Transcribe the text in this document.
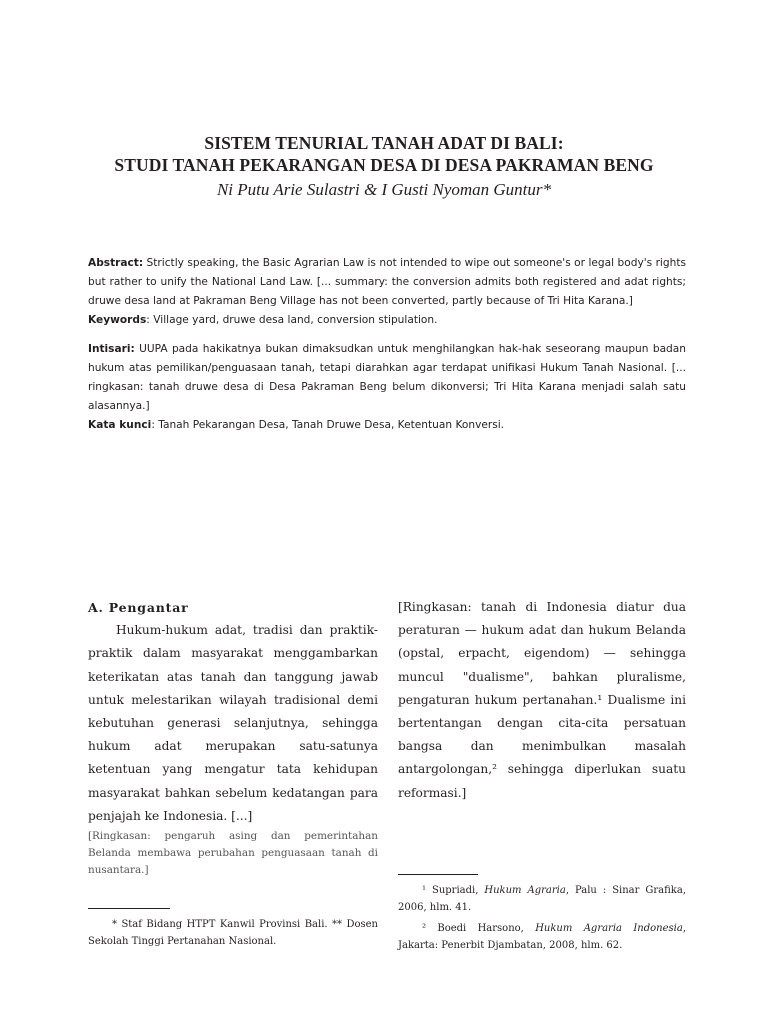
SISTEM TENURIAL TANAH ADAT DI BALI:

STUDI TANAH PEKARANGAN DESA DI DESA PAKRAMAN BENG

Ni Putu Arie Sulastri & I Gusti Nyoman Guntur*

Abstract: Strictly speaking, the Basic Agrarian Law is not intended to wipe out someone's or legal body's rights but rather to unify the National Land Law. [... summary: the conversion admits both registered and adat rights; druwe desa land at Pakraman Beng Village has not been converted, partly because of Tri Hita Karana.]

Keywords: Village yard, druwe desa land, conversion stipulation.

Intisari: UUPA pada hakikatnya bukan dimaksudkan untuk menghilangkan hak-hak seseorang maupun badan hukum atas pemilikan/penguasaan tanah, tetapi diarahkan agar terdapat unifikasi Hukum Tanah Nasional. [... ringkasan: tanah druwe desa di Desa Pakraman Beng belum dikonversi; Tri Hita Karana menjadi salah satu alasannya.]

Kata kunci: Tanah Pekarangan Desa, Tanah Druwe Desa, Ketentuan Konversi.

A. Pengantar

Hukum-hukum adat, tradisi dan praktik-praktik dalam masyarakat menggambarkan keterikatan atas tanah dan tanggung jawab untuk melestarikan wilayah tradisional demi kebutuhan generasi selanjutnya, sehingga hukum adat merupakan satu-satunya ketentuan yang mengatur tata kehidupan masyarakat bahkan sebelum kedatangan para penjajah ke Indonesia. [...]

[Ringkasan: pengaruh asing dan pemerintahan Belanda membawa perubahan penguasaan tanah di nusantara.]

[Ringkasan: tanah di Indonesia diatur dua peraturan — hukum adat dan hukum Belanda (opstal, erpacht, eigendom) — sehingga muncul "dualisme", bahkan pluralisme, pengaturan hukum pertanahan.¹ Dualisme ini bertentangan dengan cita-cita persatuan bangsa dan menimbulkan masalah antargolongan,² sehingga diperlukan suatu reformasi.]

* Staf Bidang HTPT Kanwil Provinsi Bali. ** Dosen Sekolah Tinggi Pertanahan Nasional.

¹ Supriadi, Hukum Agraria, Palu : Sinar Grafika, 2006, hlm. 41.

² Boedi Harsono, Hukum Agraria Indonesia, Jakarta: Penerbit Djambatan, 2008, hlm. 62.
